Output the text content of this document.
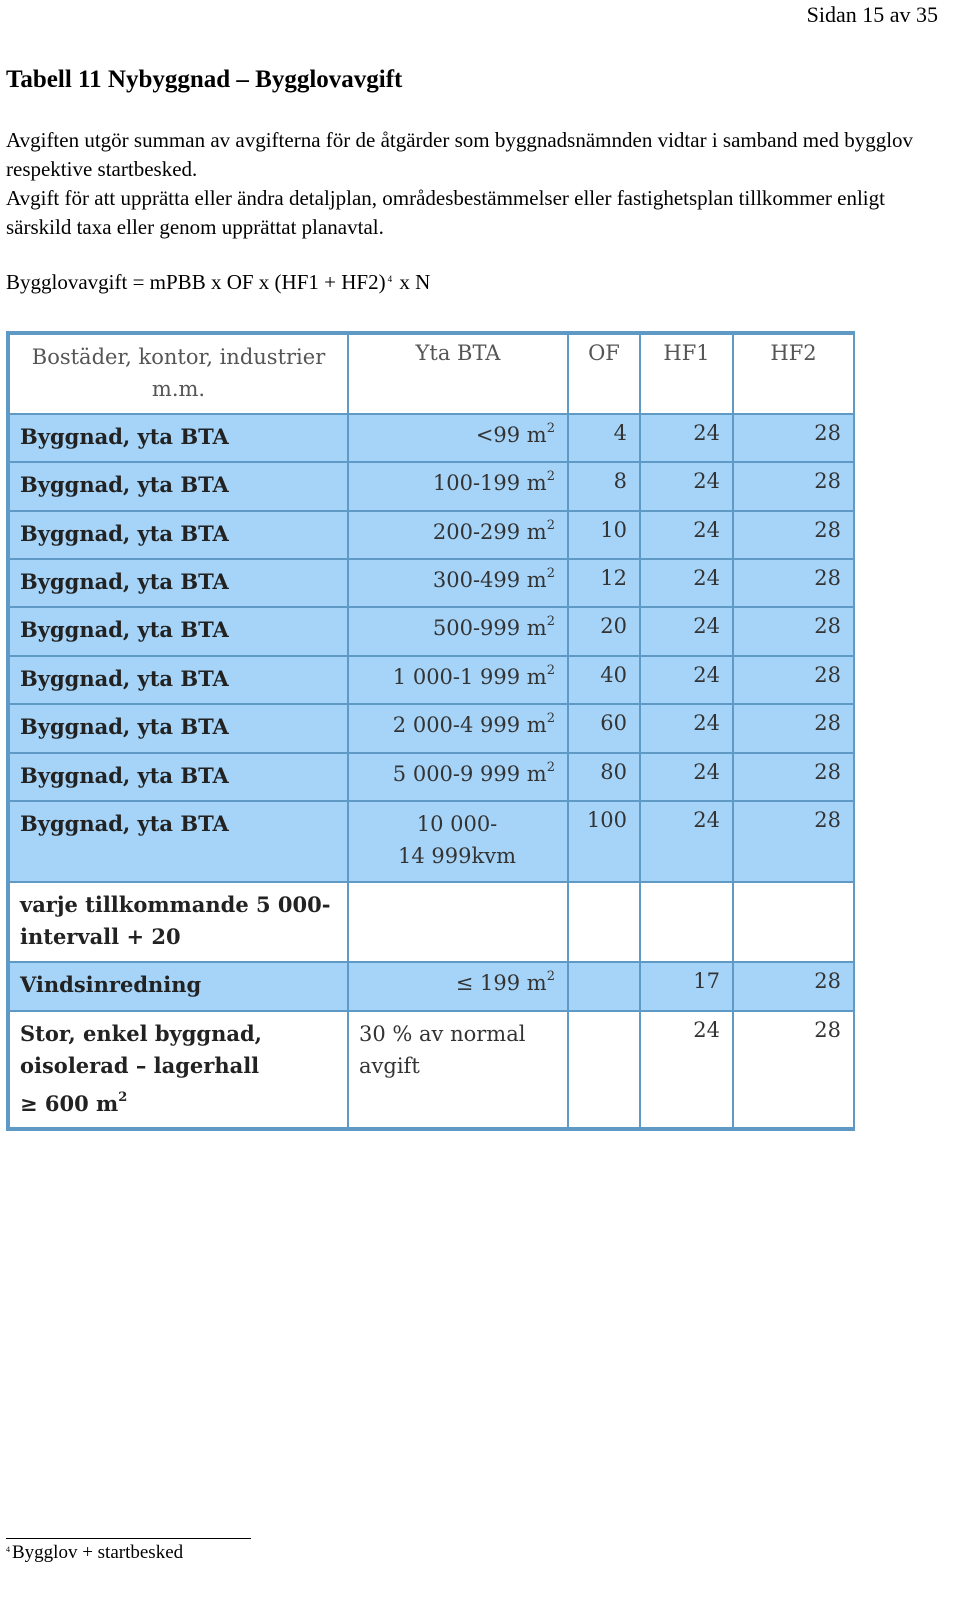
Sidan 15 av 35
Tabell 11 Nybyggnad – Bygglovavgift

Avgiften utgör summan av avgifterna för de åtgärder som byggnadsnämnden vidtar i samband med bygglov respektive startbesked.
Avgift för att upprätta eller ändra detaljplan, områdesbestämmelser eller fastighetsplan tillkommer enligt särskild taxa eller genom upprättat planavtal.

Bygglovavgift = mPBB x OF x (HF1 + HF2) $^4$ x N

Bostäder, kontor, industrier
m.m.	Yta BTA	OF	HF1	HF2
Byggnad, yta BTA	<99 $m^2$	4	24	28
Byggnad, yta BTA	100-199 $m^2$	8	24	28
Byggnad, yta BTA	200-299 $m^2$	10	24	28
Byggnad, yta BTA	300-499 $m^2$	12	24	28
Byggnad, yta BTA	500-999 $m^2$	20	24	28
Byggnad, yta BTA	1 000-1 999 $m^2$	40	24	28
Byggnad, yta BTA	2 000-4 999 $m^2$	60	24	28
Byggnad, yta BTA	5 000-9 999 $m^2$	80	24	28
Byggnad, yta BTA	10 000-
14 999kvm	100	24	28
varje tillkommande 5 000-
intervall + 20				
Vindsinredning	≤ 199 $m^2$		17	28
Stor, enkel byggnad,
oisolerad – lagerhall
≥ 600 $m^2$	30 % av normal
avgift		24	28
$^4$ Bygglov + startbesked
